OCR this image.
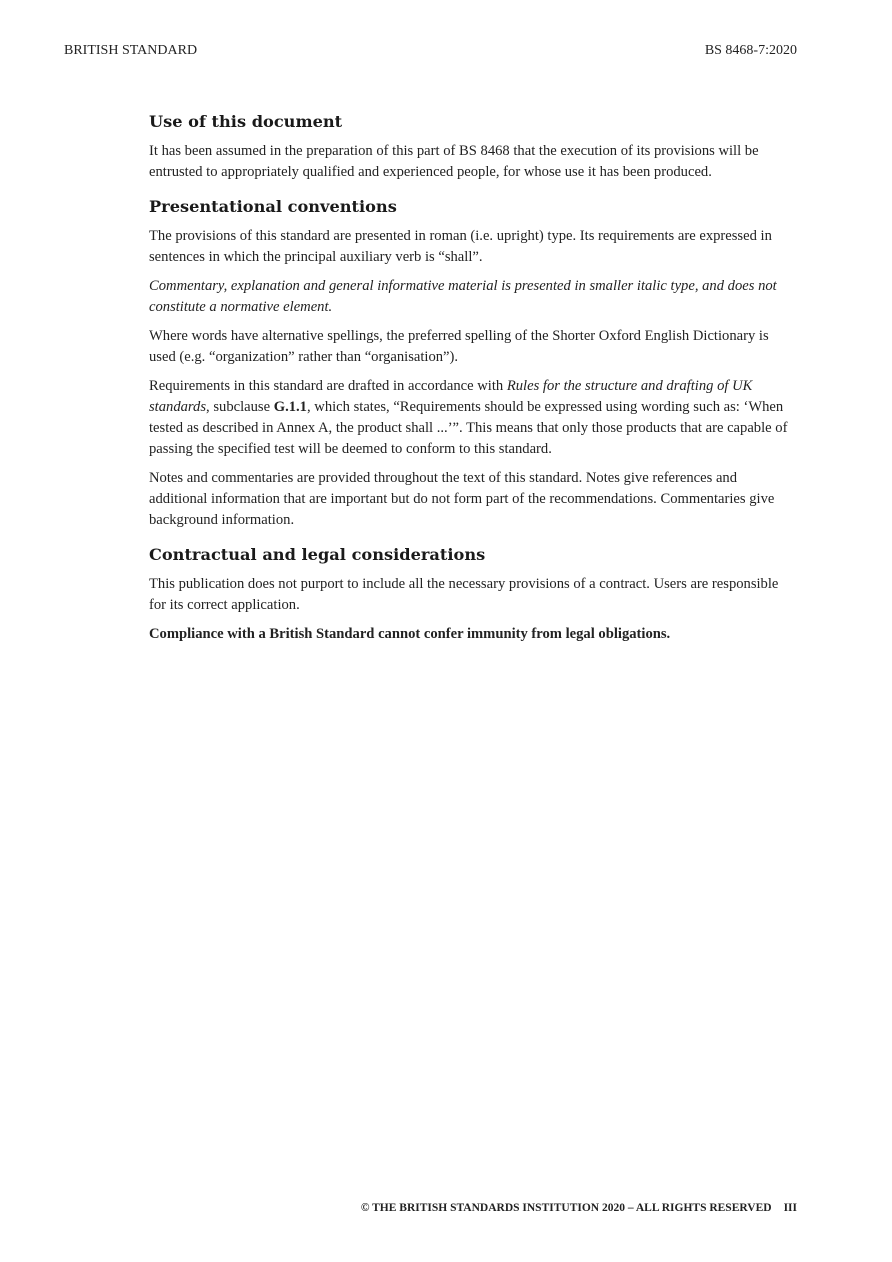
BRITISH STANDARD	BS 8468-7:2020
Use of this document

It has been assumed in the preparation of this part of BS 8468 that the execution of its provisions will be entrusted to appropriately qualified and experienced people, for whose use it has been produced.

Presentational conventions

The provisions of this standard are presented in roman (i.e. upright) type. Its requirements are expressed in sentences in which the principal auxiliary verb is “shall”.

Commentary, explanation and general informative material is presented in smaller italic type, and does not constitute a normative element.

Where words have alternative spellings, the preferred spelling of the Shorter Oxford English Dictionary is used (e.g. “organization” rather than “organisation”).

Requirements in this standard are drafted in accordance with Rules for the structure and drafting of UK standards, subclause G.1.1, which states, “Requirements should be expressed using wording such as: ‘When tested as described in Annex A, the product shall ...’”. This means that only those products that are capable of passing the specified test will be deemed to conform to this standard.

Notes and commentaries are provided throughout the text of this standard. Notes give references and additional information that are important but do not form part of the recommendations. Commentaries give background information.

Contractual and legal considerations

This publication does not purport to include all the necessary provisions of a contract. Users are responsible for its correct application.

Compliance with a British Standard cannot confer immunity from legal obligations.

© THE BRITISH STANDARDS INSTITUTION 2020 – ALL RIGHTS RESERVED III
